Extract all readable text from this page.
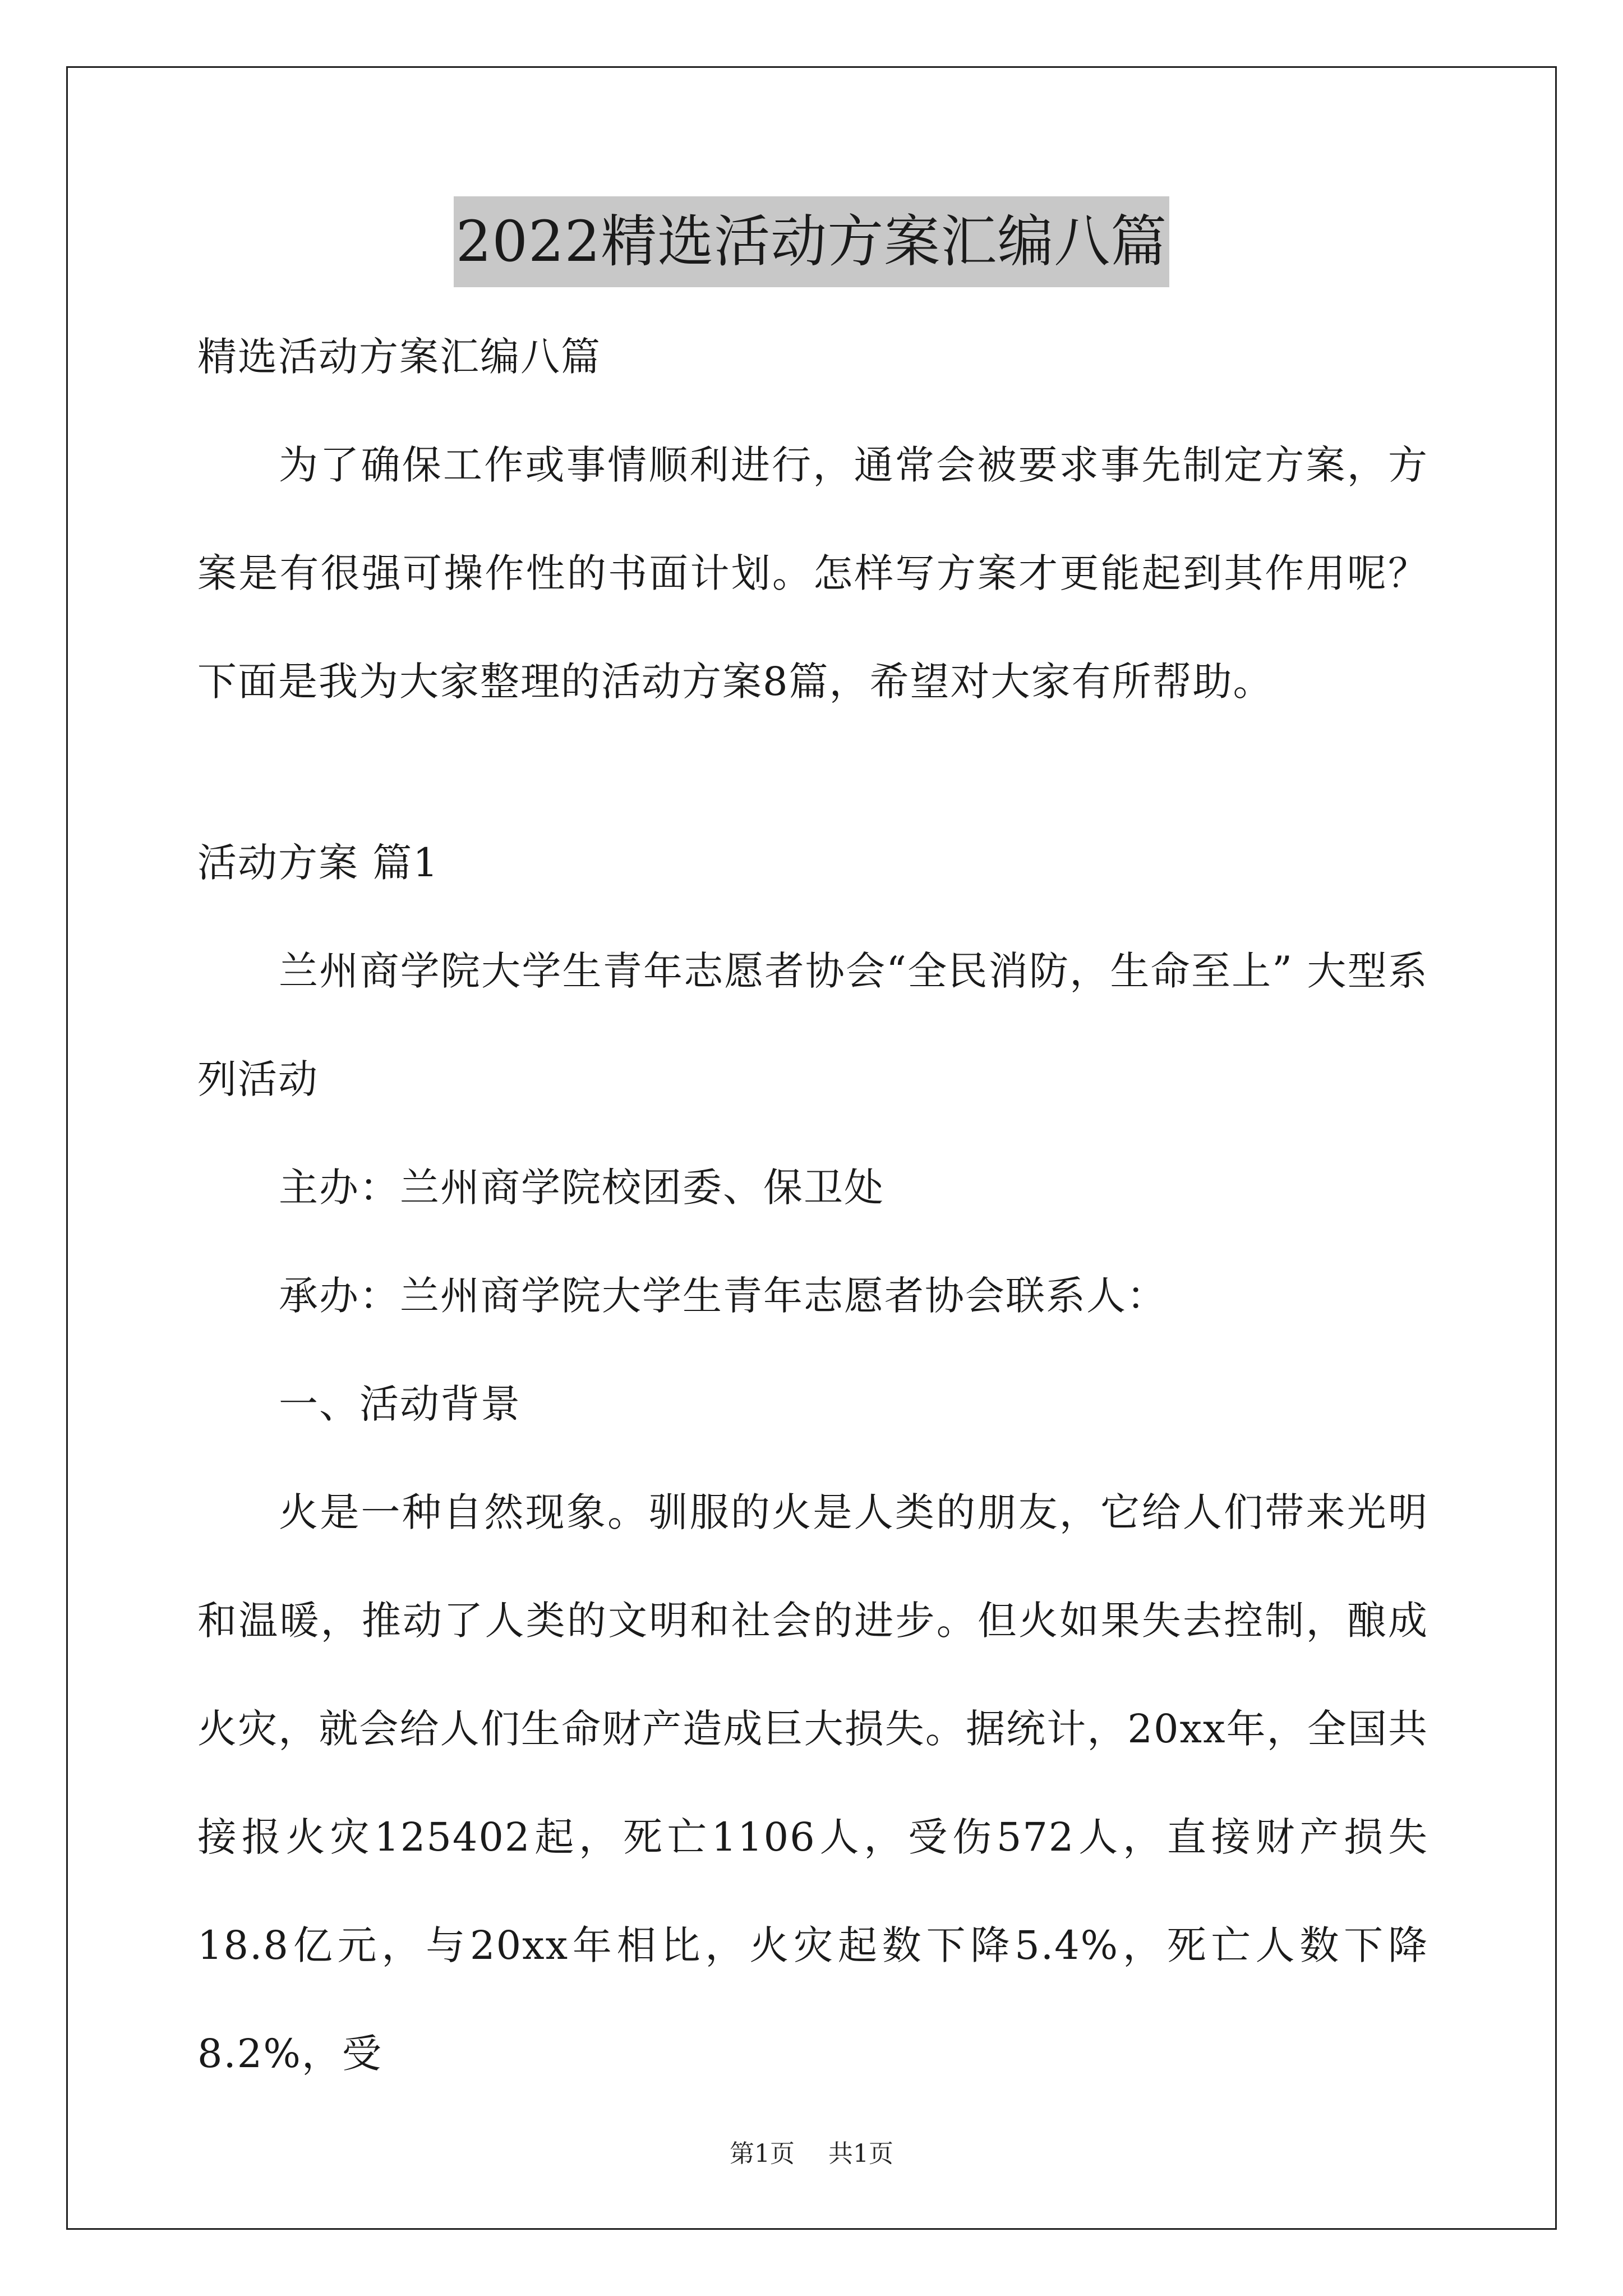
2022精选活动方案汇编八篇

精选活动方案汇编八篇

为了确保工作或事情顺利进行，通常会被要求事先制定方案，方案是有很强可操作性的书面计划。怎样写方案才更能起到其作用呢？下面是我为大家整理的活动方案8篇，希望对大家有所帮助。

活动方案 篇1

兰州商学院大学生青年志愿者协会“全民消防，生命至上” 大型系列活动

主办：兰州商学院校团委、保卫处

承办：兰州商学院大学生青年志愿者协会联系人：

一、活动背景

火是一种自然现象。驯服的火是人类的朋友，它给人们带来光明和温暖，推动了人类的文明和社会的进步。但火如果失去控制，酿成火灾，就会给人们生命财产造成巨大损失。据统计，20xx年，全国共接报火灾125402起，死亡1106人，受伤572人，直接财产损失18.8亿元，与20xx年相比，火灾起数下降5.4%，死亡人数下降8.2%，受

第1页 共1页
